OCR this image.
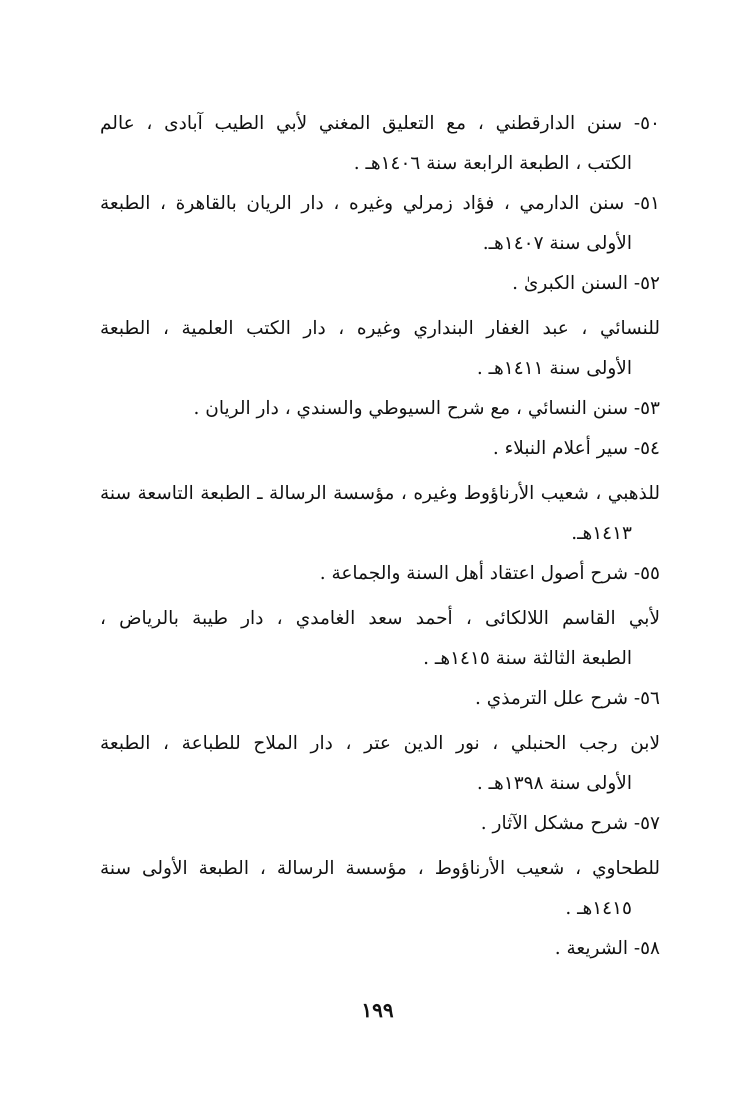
٥٠- سنن الدارقطني ، مع التعليق المغني لأبي الطيب آبادى ، عالم
الكتب ، الطبعة الرابعة سنة ١٤٠٦هـ .
٥١- سنن الدارمي ، فؤاد زمرلي وغيره ، دار الريان بالقاهرة ، الطبعة
الأولى سنة ١٤٠٧هـ.
٥٢- السنن الكبرىٰ .
للنسائي ، عبد الغفار البنداري وغيره ، دار الكتب العلمية ، الطبعة
الأولى سنة ١٤١١هـ .
٥٣- سنن النسائي ، مع شرح السيوطي والسندي ، دار الريان .
٥٤- سير أعلام النبلاء .
للذهبي ، شعيب الأرناؤوط وغيره ، مؤسسة الرسالة ـ الطبعة التاسعة سنة
١٤١٣هـ.
٥٥- شرح أصول اعتقاد أهل السنة والجماعة .
لأبي القاسم اللالكائى ، أحمد سعد الغامدي ، دار طيبة بالرياض ،
الطبعة الثالثة سنة ١٤١٥هـ .
٥٦- شرح علل الترمذي .
لابن رجب الحنبلي ، نور الدين عتر ، دار الملاح للطباعة ، الطبعة
الأولى سنة ١٣٩٨هـ .
٥٧- شرح مشكل الآثار .
للطحاوي ، شعيب الأرناؤوط ، مؤسسة الرسالة ، الطبعة الأولى سنة
١٤١٥هـ .
٥٨- الشريعة .
١٩٩
